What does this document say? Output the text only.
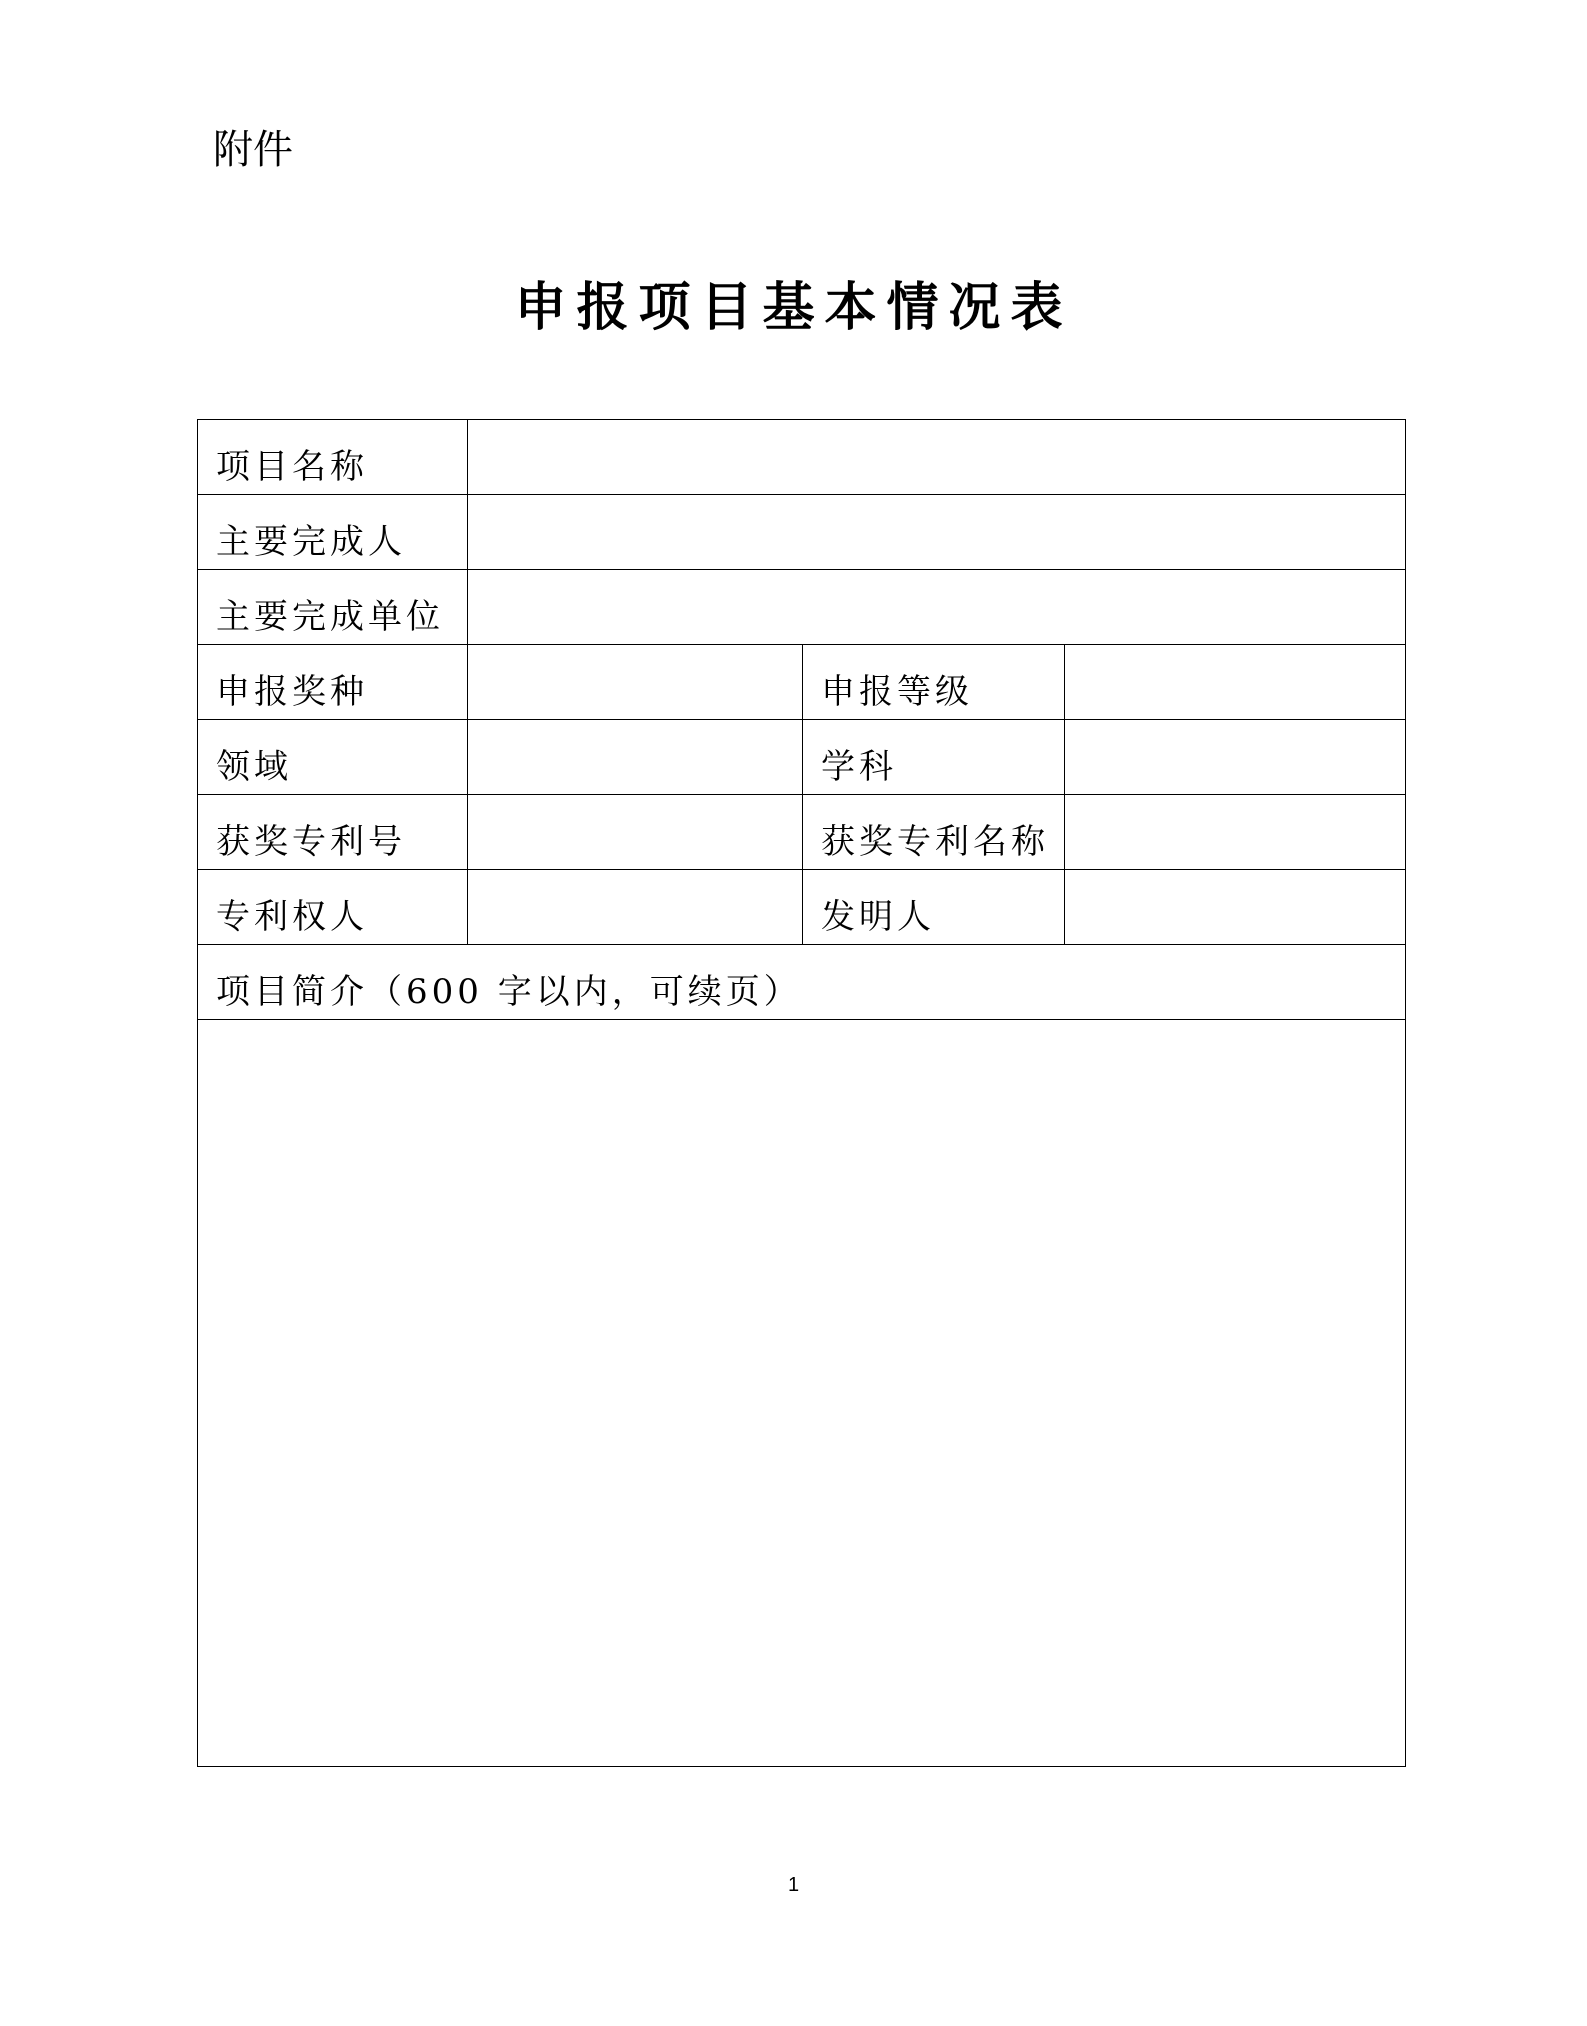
附件
申报项目基本情况表
项目名称			

主要完成人			

主要完成单位			

申报奖种		申报等级	

领域		学科	

获奖专利号		获奖专利名称	

专利权人		发明人	

项目简介（600 字以内，可续页）			

1
